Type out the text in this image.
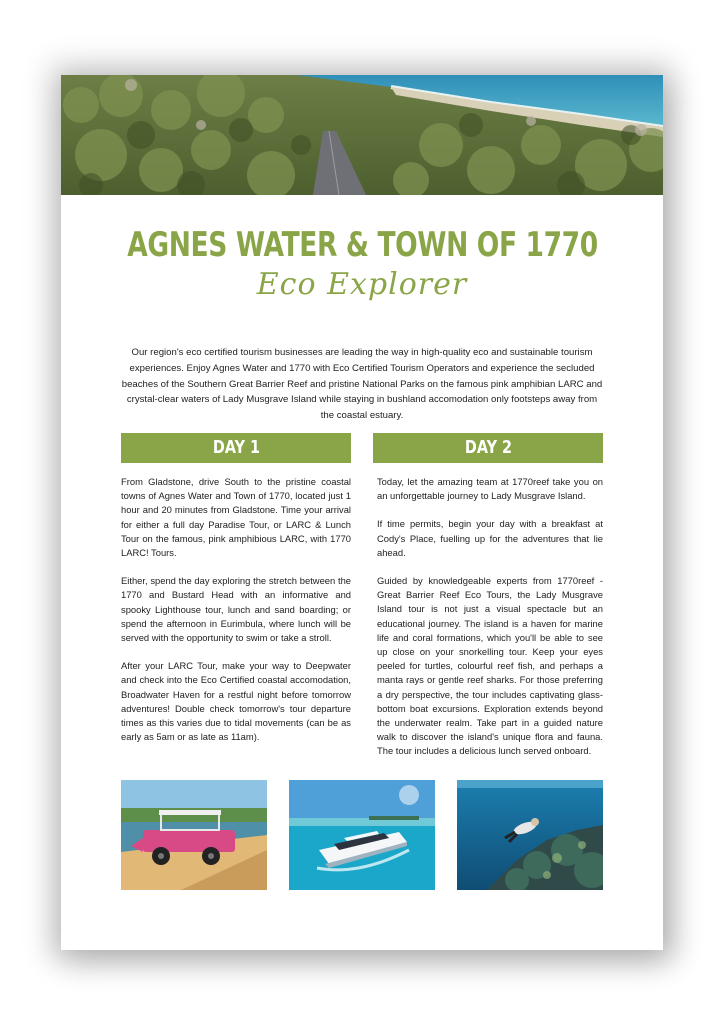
AGNES WATER & TOWN OF 1770
Eco Explorer

Our region's eco certified tourism businesses are leading the way in high-quality eco and sustainable tourism experiences. Enjoy Agnes Water and 1770 with Eco Certified Tourism Operators and experience the secluded beaches of the Southern Great Barrier Reef and pristine National Parks on the famous pink amphibian LARC and crystal-clear waters of Lady Musgrave Island while staying in bushland accomodation only footsteps away from the coastal estuary.

DAY 1	DAY 2

From Gladstone, drive South to the pristine coastal towns of Agnes Water and Town of 1770, located just 1 hour and 20 minutes from Gladstone. Time your arrival for either a full day Paradise Tour, or LARC & Lunch Tour on the famous, pink amphibious LARC, with 1770 LARC! Tours.

Either, spend the day exploring the stretch between the 1770 and Bustard Head with an informative and spooky Lighthouse tour, lunch and sand boarding; or spend the afternoon in Eurimbula, where lunch will be served with the opportunity to swim or take a stroll.

After your LARC Tour, make your way to Deepwater and check into the Eco Certified coastal accomodation, Broadwater Haven for a restful night before tomorrow adventures! Double check tomorrow's tour departure times as this varies due to tidal movements (can be as early as 5am or as late as 11am).

Today, let the amazing team at 1770reef take you on an unforgettable journey to Lady Musgrave Island.

If time permits, begin your day with a breakfast at Cody's Place, fuelling up for the adventures that lie ahead.

Guided by knowledgeable experts from 1770reef - Great Barrier Reef Eco Tours, the Lady Musgrave Island tour is not just a visual spectacle but an educational journey. The island is a haven for marine life and coral formations, which you'll be able to see up close on your snorkelling tour. Keep your eyes peeled for turtles, colourful reef fish, and perhaps a manta rays or gentle reef sharks. For those preferring a dry perspective, the tour includes captivating glass-bottom boat excursions. Exploration extends beyond the underwater realm. Take part in a guided nature walk to discover the island's unique flora and fauna. The tour includes a delicious lunch served onboard.
